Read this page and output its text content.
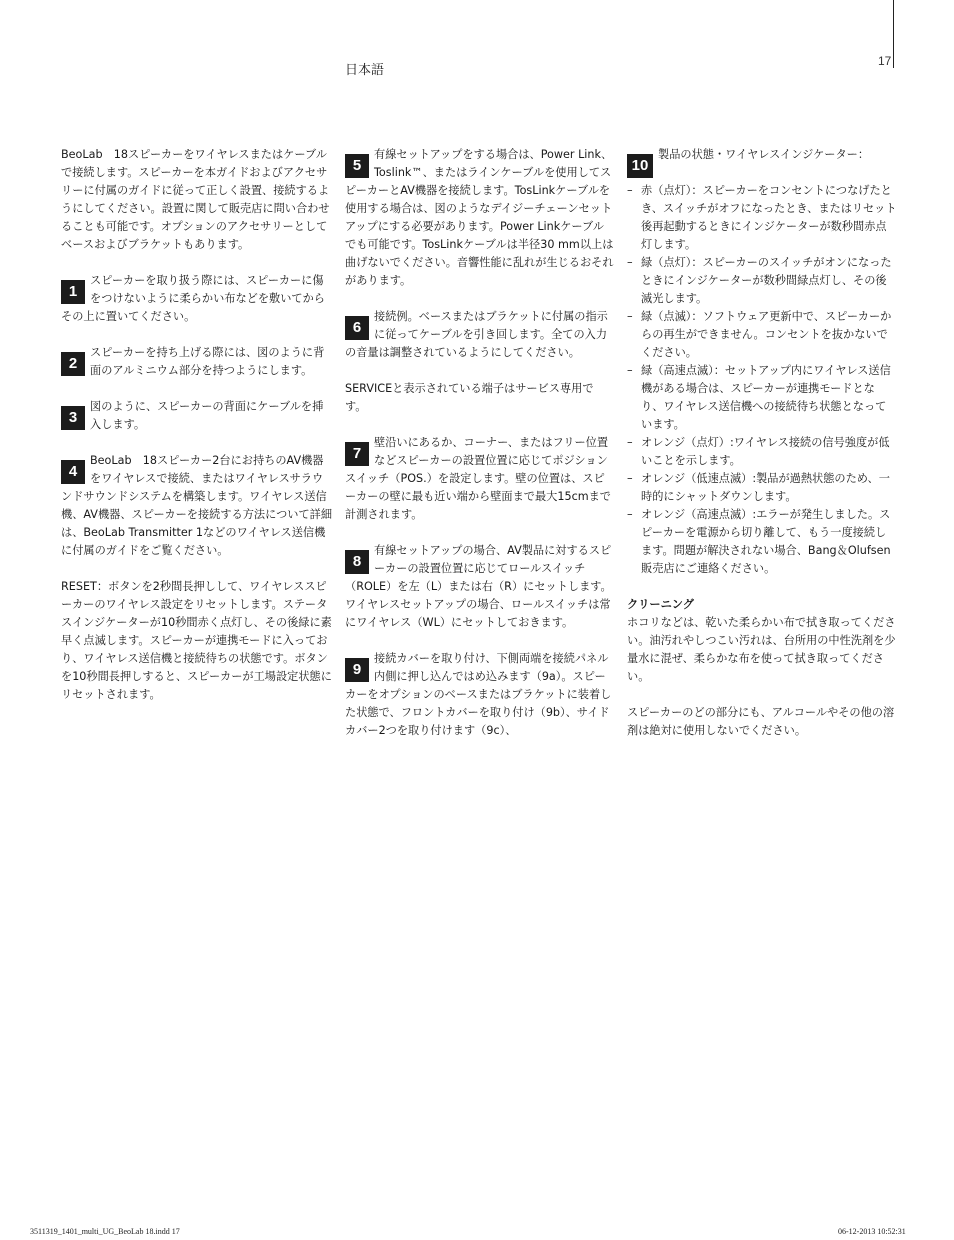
日本語
17

BeoLab　18スピーカーをワイヤレスまたはケーブルで接続します。スピーカーを本ガイドおよびアクセサリーに付属のガイドに従って正しく設置、接続するようにしてください。設置に関して販売店に問い合わせることも可能です。オプションのアクセサリーとしてベースおよびブラケットもあります。

1

スピーカーを取り扱う際には、スピーカーに傷をつけないように柔らかい布などを敷いてからその上に置いてください。

2

スピーカーを持ち上げる際には、図のように背面のアルミニウム部分を持つようにします。

3

図のように、スピーカーの背面にケーブルを挿入します。

4

BeoLab　18スピーカー2台にお持ちのAV機器をワイヤレスで接続、またはワイヤレスサラウンドサウンドシステムを構築します。ワイヤレス送信機、AV機器、スピーカーを接続する方法について詳細は、BeoLab Transmitter 1などのワイヤレス送信機に付属のガイドをご覧ください。

RESET：ボタンを2秒間長押しして、ワイヤレススピーカーのワイヤレス設定をリセットします。ステータスインジケーターが10秒間赤く点灯し、その後緑に素早く点滅します。スピーカーが連携モードに入っており、ワイヤレス送信機と接続待ちの状態です。ボタンを10秒間長押しすると、スピーカーが工場設定状態にリセットされます。

5

有線セットアップをする場合は、Power Link、Toslink™、またはラインケーブルを使用してスピーカーとAV機器を接続します。TosLinkケーブルを使用する場合は、図のようなデイジーチェーンセットアップにする必要があります。Power Linkケーブルでも可能です。TosLinkケーブルは半径30 mm以上は曲げないでください。音響性能に乱れが生じるおそれがあります。

6

接続例。ベースまたはブラケットに付属の指示に従ってケーブルを引き回します。全ての入力の音量は調整されているようにしてください。

SERVICEと表示されている端子はサービス専用です。

7

壁沿いにあるか、コーナー、またはフリー位置などスピーカーの設置位置に応じてポジションスイッチ（POS.）を設定します。壁の位置は、スピーカーの壁に最も近い端から壁面まで最大15cmまで計測されます。

8

有線セットアップの場合、AV製品に対するスピーカーの設置位置に応じてロールスイッチ（ROLE）を左（L）または右（R）にセットします。ワイヤレスセットアップの場合、ロールスイッチは常にワイヤレス（WL）にセットしておきます。

9

接続カバーを取り付け、下側両端を接続パネル内側に押し込んではめ込みます（9a）。スピーカーをオプションのベースまたはブラケットに装着した状態で、フロントカバーを取り付け（9b）、サイドカバー2つを取り付けます（9c）、

10

製品の状態・ワイヤレスインジケーター：

– 赤（点灯）：スピーカーをコンセントにつなげたとき、スイッチがオフになったとき、またはリセット後再起動するときにインジケーターが数秒間赤点灯します。
– 緑（点灯）：スピーカーのスイッチがオンになったときにインジケーターが数秒間緑点灯し、その後滅光します。
– 緑（点滅）：ソフトウェア更新中で、スピーカーからの再生ができません。コンセントを抜かないでください。
– 緑（高速点滅）：セットアップ内にワイヤレス送信機がある場合は、スピーカーが連携モードとなり、ワイヤレス送信機への接続待ち状態となっています。
– オレンジ（点灯）:ワイヤレス接続の信号強度が低いことを示します。
– オレンジ（低速点滅）:製品が過熱状態のため、一時的にシャットダウンします。
– オレンジ（高速点滅）:エラーが発生しました。スピーカーを電源から切り離して、もう一度接続します。問題が解決されない場合、Bang＆Olufsen販売店にご連絡ください。

クリーニング

ホコリなどは、乾いた柔らかい布で拭き取ってください。油汚れやしつこい汚れは、台所用の中性洗剤を少量水に混ぜ、柔らかな布を使って拭き取ってください。

スピーカーのどの部分にも、アルコールやその他の溶剤は絶対に使用しないでください。

3511319_1401_multi_UG_BeoLab 18.indd 17	06-12-2013 10:52:31
